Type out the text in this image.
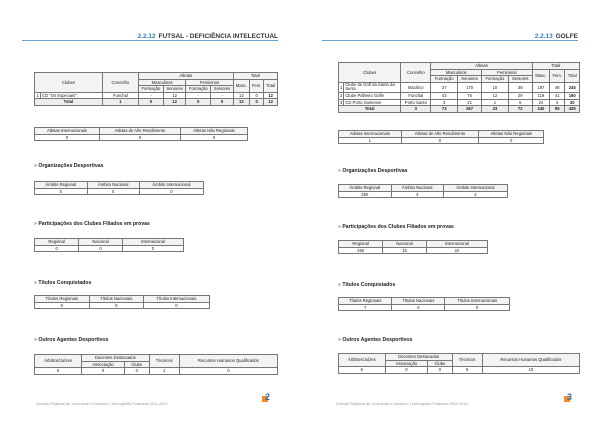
2.2.12 FUTSAL - DEFICIÊNCIA INTELECTUAL
Clubes		Concelho	Atletas				Total		
			Masculinos		Femininos		Masc.	Fem.	Total
			Formação	Seniores	Formação	Seniores			
1	CD "Os Especiais"	Funchal	-	12	-	-	12	0	12
Total		1	0	12	0	0	12	0	12
Atletas Internacionais	Atletas de Alto Rendimento	Atletas Não Regionais
0	0	0
» Organizações Desportivas
Âmbito Regional	Âmbito Nacional	Âmbito Internacional
0	0	0
» Participações dos Clubes Filiados em provas
Regional	Nacional	Internacional
0	0	0
» Títulos Conquistados
Títulos Regionais	Títulos Nacionais	Títulos Internacionais
0	0	0
» Outros Agentes Desportivos
Árbitros/Juízes	Docentes Destacados		Técnicos	Recursos Humanos Qualificados
	Associação	Clube		
0	0	0	1	0
Direção Regional de Juventude e Desporto | Demografia Federada 2011-2012
2
2.2.13 GOLFE
Clubes		Concelho	Atletas				Total		
			Masculinos		Femininos		Masc.	Fem.	Total
			Formação	Seniores	Formação	Seniores			
1	Clube de Golf da Santo da Serra	Machico	27	170	10	38	197	48	245
2	Clube Palheiro Golfe	Funchal	43	76	12	29	119	41	160
3	CD Porto Santense	Porto Santo	3	21	1	5	24	6	30
Total		3	73	267	23	72	340	95	435
Atletas Internacionais	Atletas de Alto Rendimento	Atletas Não Regionais
1	0	0
» Organizações Desportivas
Âmbito Regional	Âmbito Nacional	Âmbito Internacional
250	3	2
» Participações dos Clubes Filiados em provas
Regional	Nacional	Internacional
250	15	22
» Títulos Conquistados
Títulos Regionais	Títulos Nacionais	Títulos Internacionais
7	0	0
» Outros Agentes Desportivos
Árbitros/Juízes	Docentes Destacados		Técnicos	Recursos Humanos Qualificados
	Associação	Clube		
5	0	0	5	10
Direção Regional de Juventude e Desporto | Demografia Federada 2011-2012
3
